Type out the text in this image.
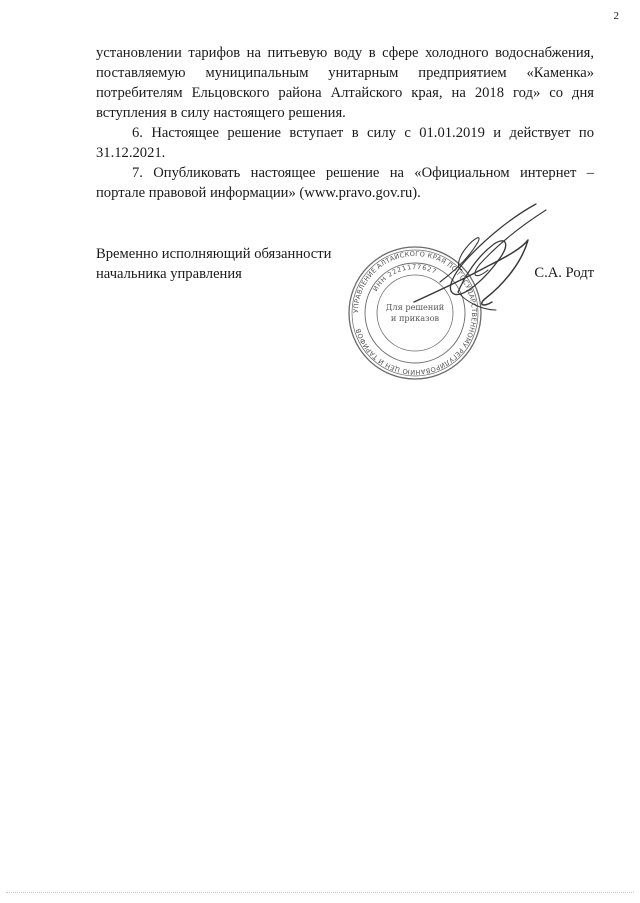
2

установлении тарифов на питьевую воду в сфере холодного водоснабжения, поставляемую муниципальным унитарным предприятием «Каменка» потребителям Ельцовского района Алтайского края, на 2018 год» со дня вступления в силу настоящего решения.

6. Настоящее решение вступает в силу с 01.01.2019 и действует по 31.12.2021.

7. Опубликовать настоящее решение на «Официальном интернет – портале правовой информации» (www.pravo.gov.ru).

Временно исполняющий обязанности
начальника управления
УПРАВЛЕНИЕ АЛТАЙСКОГО КРАЯ ПО ГОСУДАРСТВЕННОМУ РЕГУЛИРОВАНИЮ ЦЕН И ТАРИФОВ
ИНН 2221177627
Для решений
и приказов
С.А. Родт
